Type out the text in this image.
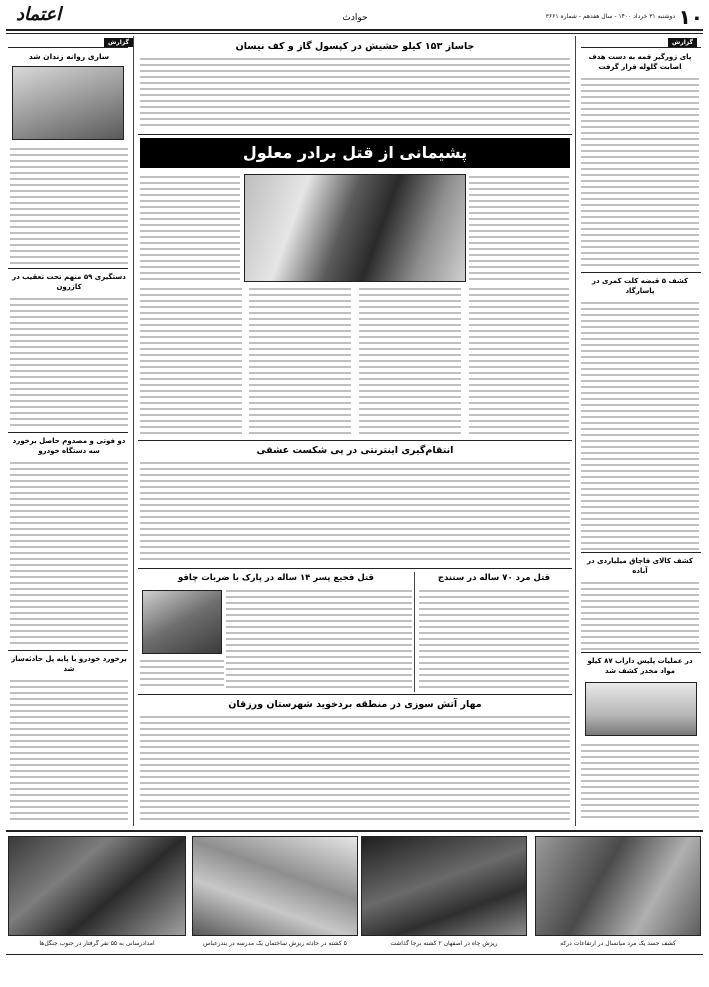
۱۰
دوشنبه ۳۱ خرداد ۱۴۰۰ - سال هفدهم - شماره ۳۶۶۱
حوادث
اعتماد
گزارش
پای زورگیر قمه به دست هدف اصابت گلوله قرار گرفت
کشف ۵ قبضه کلت کمری در پاسارگاد
کشف کالای قاچاق میلیاردی در آباده
در عملیات پلیس داراب ۸۷ کیلو مواد مخدر کشف شد
گزارش
ساری روانه زندان شد
دستگیری ۵۹ متهم تحت تعقیب در کازرون
دو فوتی و مصدوم حاصل برخورد سه دستگاه خودرو
برخورد خودرو با پایه پل حادثه‌ساز شد
جاساز ۱۵۳ کیلو حشیش در کپسول گاز و کف نیسان
پشیمانی از قتل برادر معلول
انتقام‌گیری اینترنتی در پی شکست عشقی
قتل مرد ۷۰ ساله در سنندج
قتل فجیع پسر ۱۴ ساله در پارک با ضربات چاقو
مهار آتش سوزی در منطقه بردخوید شهرستان ورزقان
کشف جسد یک مرد میانسال در ارتفاعات درکه
ریزش چاه در اصفهان ۲ کشته برجا گذاشت
۵ کشته در حادثه ریزش ساختمان یک مدرسه در بندرعباس
امدادرسانی به ۵۵ نفر گرفتار در جنوب جنگل‌ها
